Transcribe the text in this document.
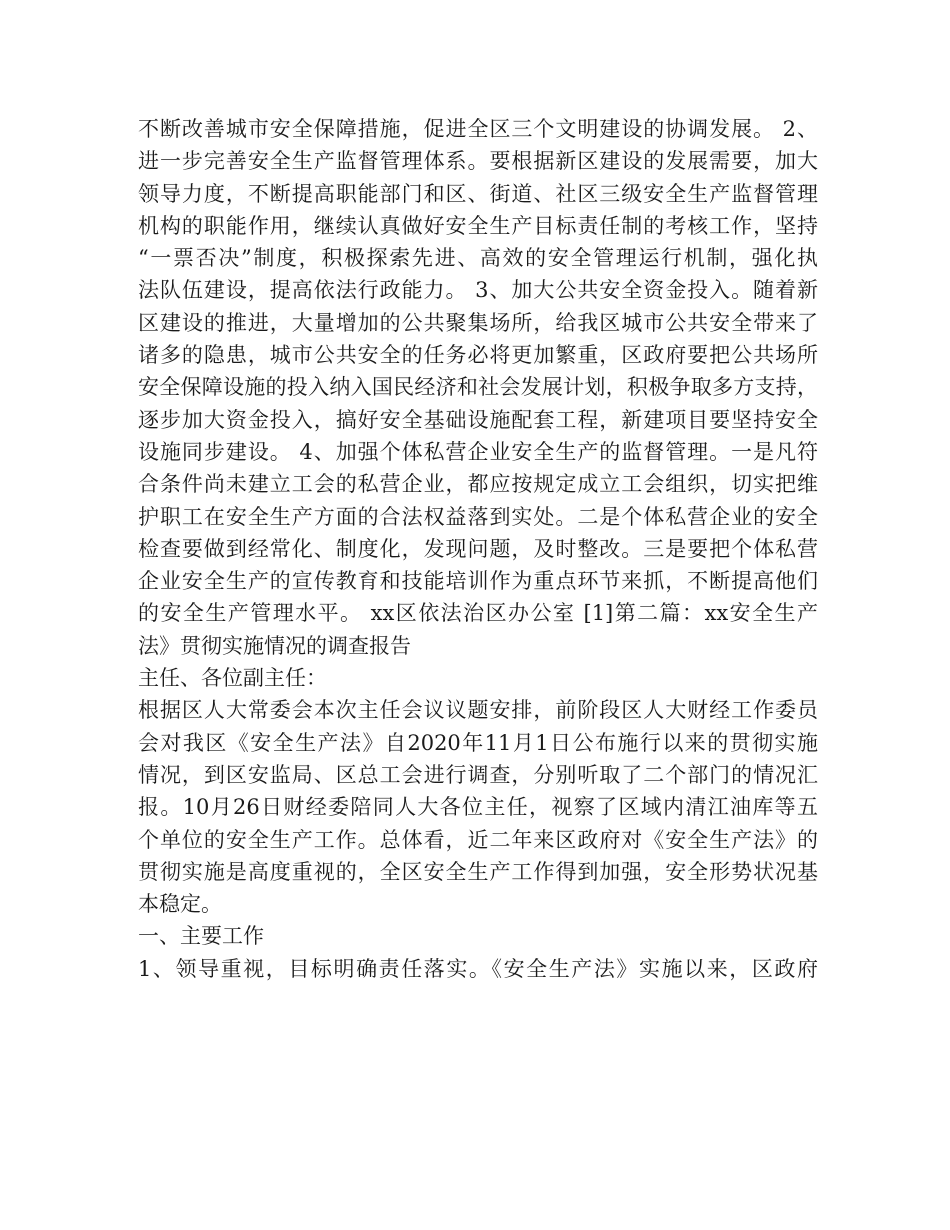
不断改善城市安全保障措施，促进全区三个文明建设的协调发展。 2、
进一步完善安全生产监督管理体系。要根据新区建设的发展需要，加大
领导力度，不断提高职能部门和区、街道、社区三级安全生产监督管理
机构的职能作用，继续认真做好安全生产目标责任制的考核工作，坚持
“一票否决”制度，积极探索先进、高效的安全管理运行机制，强化执
法队伍建设，提高依法行政能力。 3、加大公共安全资金投入。随着新
区建设的推进，大量增加的公共聚集场所，给我区城市公共安全带来了
诸多的隐患，城市公共安全的任务必将更加繁重，区政府要把公共场所
安全保障设施的投入纳入国民经济和社会发展计划，积极争取多方支持，
逐步加大资金投入，搞好安全基础设施配套工程，新建项目要坚持安全
设施同步建设。 4、加强个体私营企业安全生产的监督管理。一是凡符
合条件尚未建立工会的私营企业，都应按规定成立工会组织，切实把维
护职工在安全生产方面的合法权益落到实处。二是个体私营企业的安全
检查要做到经常化、制度化，发现问题，及时整改。三是要把个体私营
企业安全生产的宣传教育和技能培训作为重点环节来抓，不断提高他们
的安全生产管理水平。 xx区依法治区办公室 [1]第二篇：xx安全生产
法》贯彻实施情况的调查报告
主任、各位副主任：
根据区人大常委会本次主任会议议题安排，前阶段区人大财经工作委员
会对我区《安全生产法》自2020年11月1日公布施行以来的贯彻实施
情况，到区安监局、区总工会进行调查，分别听取了二个部门的情况汇
报。10月26日财经委陪同人大各位主任，视察了区域内清江油库等五
个单位的安全生产工作。总体看，近二年来区政府对《安全生产法》的
贯彻实施是高度重视的，全区安全生产工作得到加强，安全形势状况基
本稳定。
一、主要工作
1、领导重视，目标明确责任落实。《安全生产法》实施以来，区政府
